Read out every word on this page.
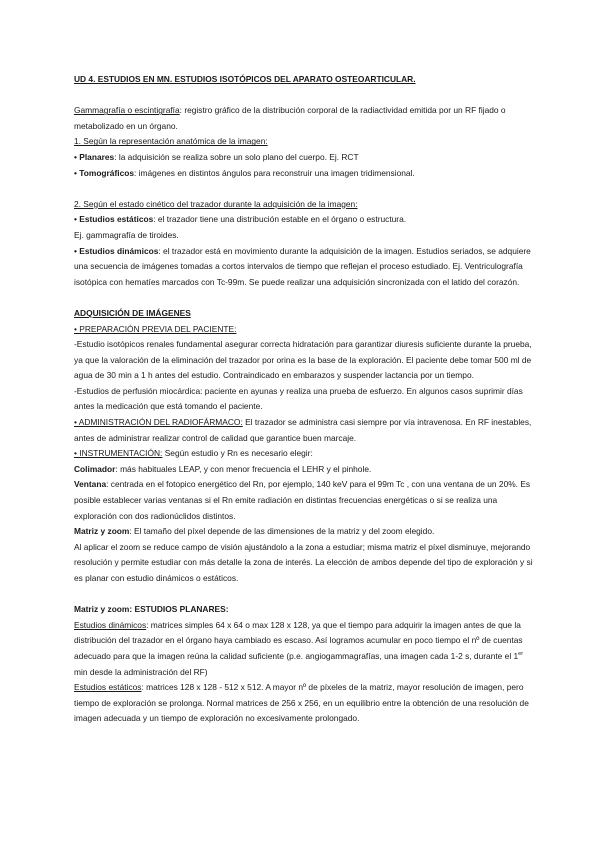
UD 4. ESTUDIOS EN MN. ESTUDIOS ISOTÓPICOS DEL APARATO OSTEOARTICULAR.

Gammagrafía o escintigrafía: registro gráfico de la distribución corporal de la radiactividad emitida por un RF fijado o metabolizado en un órgano.

1. Según la representación anatómica de la imagen:

• Planares: la adquisición se realiza sobre un solo plano del cuerpo. Ej. RCT

• Tomográficos: imágenes en distintos ángulos para reconstruir una imagen tridimensional.

2. Según el estado cinético del trazador durante la adquisición de la imagen:

• Estudios estáticos: el trazador tiene una distribución estable en el órgano o estructura.

Ej. gammagrafía de tiroides.

• Estudios dinámicos: el trazador está en movimiento durante la adquisición de la imagen. Estudios seriados, se adquiere una secuencia de imágenes tomadas a cortos intervalos de tiempo que reflejan el proceso estudiado. Ej. Ventriculografía isotópica con hematíes marcados con Tc-99m. Se puede realizar una adquisición sincronizada con el latido del corazón.

ADQUISICIÓN DE IMÁGENES

• PREPARACIÓN PREVIA DEL PACIENTE:

-Estudio isotópicos renales fundamental asegurar correcta hidratación para garantizar diuresis suficiente durante la prueba, ya que la valoración de la eliminación del trazador por orina es la base de la exploración. El paciente debe tomar 500 ml de agua de 30 min a 1 h antes del estudio. Contraindicado en embarazos y suspender lactancia por un tiempo.

-Estudios de perfusión miocárdica: paciente en ayunas y realiza una prueba de esfuerzo. En algunos casos suprimir días antes la medicación que está tomando el paciente.

• ADMINISTRACIÓN DEL RADIOFÁRMACO: El trazador se administra casi siempre por vía intravenosa. En RF inestables, antes de administrar realizar control de calidad que garantice buen marcaje.

• INSTRUMENTACIÓN: Según estudio y Rn es necesario elegir:

Colimador: más habituales LEAP, y con menor frecuencia el LEHR y el pinhole.

Ventana: centrada en el fotopico energético del Rn, por ejemplo, 140 keV para el 99m Tc , con una ventana de un 20%. Es posible establecer varias ventanas si el Rn emite radiación en distintas frecuencias energéticas o si se realiza una exploración con dos radionúclidos distintos.

Matriz y zoom: El tamaño del píxel depende de las dimensiones de la matriz y del zoom elegido.

Al aplicar el zoom se reduce campo de visión ajustándolo a la zona a estudiar; misma matriz el píxel disminuye, mejorando resolución y permite estudiar con más detalle la zona de interés. La elección de ambos depende del tipo de exploración y si es planar con estudio dinámicos o estáticos.

Matriz y zoom: ESTUDIOS PLANARES:

Estudios dinámicos: matrices simples 64 x 64 o max 128 x 128, ya que el tiempo para adquirir la imagen antes de que la distribución del trazador en el órgano haya cambiado es escaso. Así logramos acumular en poco tiempo el nº de cuentas adecuado para que la imagen reúna la calidad suficiente (p.e. angiogammagrafías, una imagen cada 1-2 s, durante el 1er min desde la administración del RF)

Estudios estáticos: matrices 128 x 128 - 512 x 512. A mayor nº de píxeles de la matriz, mayor resolución de imagen, pero tiempo de exploración se prolonga. Normal matrices de 256 x 256, en un equilibrio entre la obtención de una resolución de imagen adecuada y un tiempo de exploración no excesivamente prolongado.
